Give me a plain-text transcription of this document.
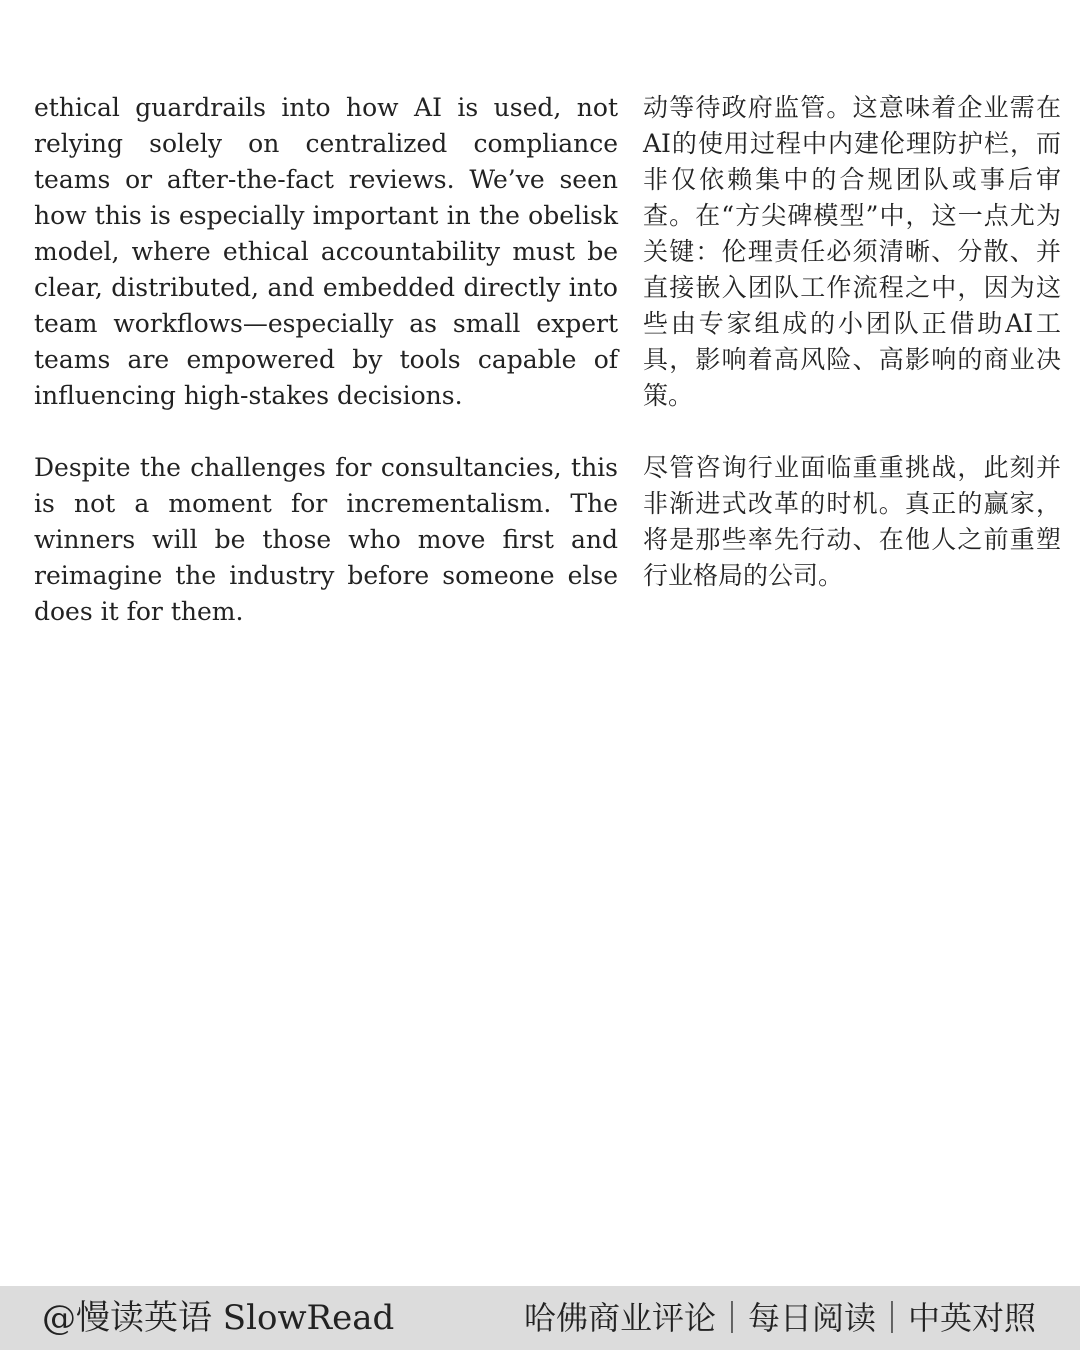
ethical guardrails into how AI is used, not relying solely on centralized compliance teams or after-the-fact reviews. We’ve seen how this is especially important in the obelisk model, where ethical accountability must be clear, distributed, and embedded directly into team workflows—especially as small expert teams are empowered by tools capable of influencing high-stakes decisions.

Despite the challenges for consultancies, this is not a moment for incrementalism. The winners will be those who move first and reimagine the industry before someone else does it for them.

动等待政府监管。这意味着企业需在AI的使用过程中内建伦理防护栏，而非仅依赖集中的合规团队或事后审查。在“方尖碑模型”中，这一点尤为关键：伦理责任必须清晰、分散、并直接嵌入团队工作流程之中，因为这些由专家组成的小团队正借助AI工具，影响着高风险、高影响的商业决策。

尽管咨询行业面临重重挑战，此刻并非渐进式改革的时机。真正的赢家，将是那些率先行动、在他人之前重塑行业格局的公司。

@慢读英语 SlowRead	哈佛商业评论｜每日阅读｜中英对照
